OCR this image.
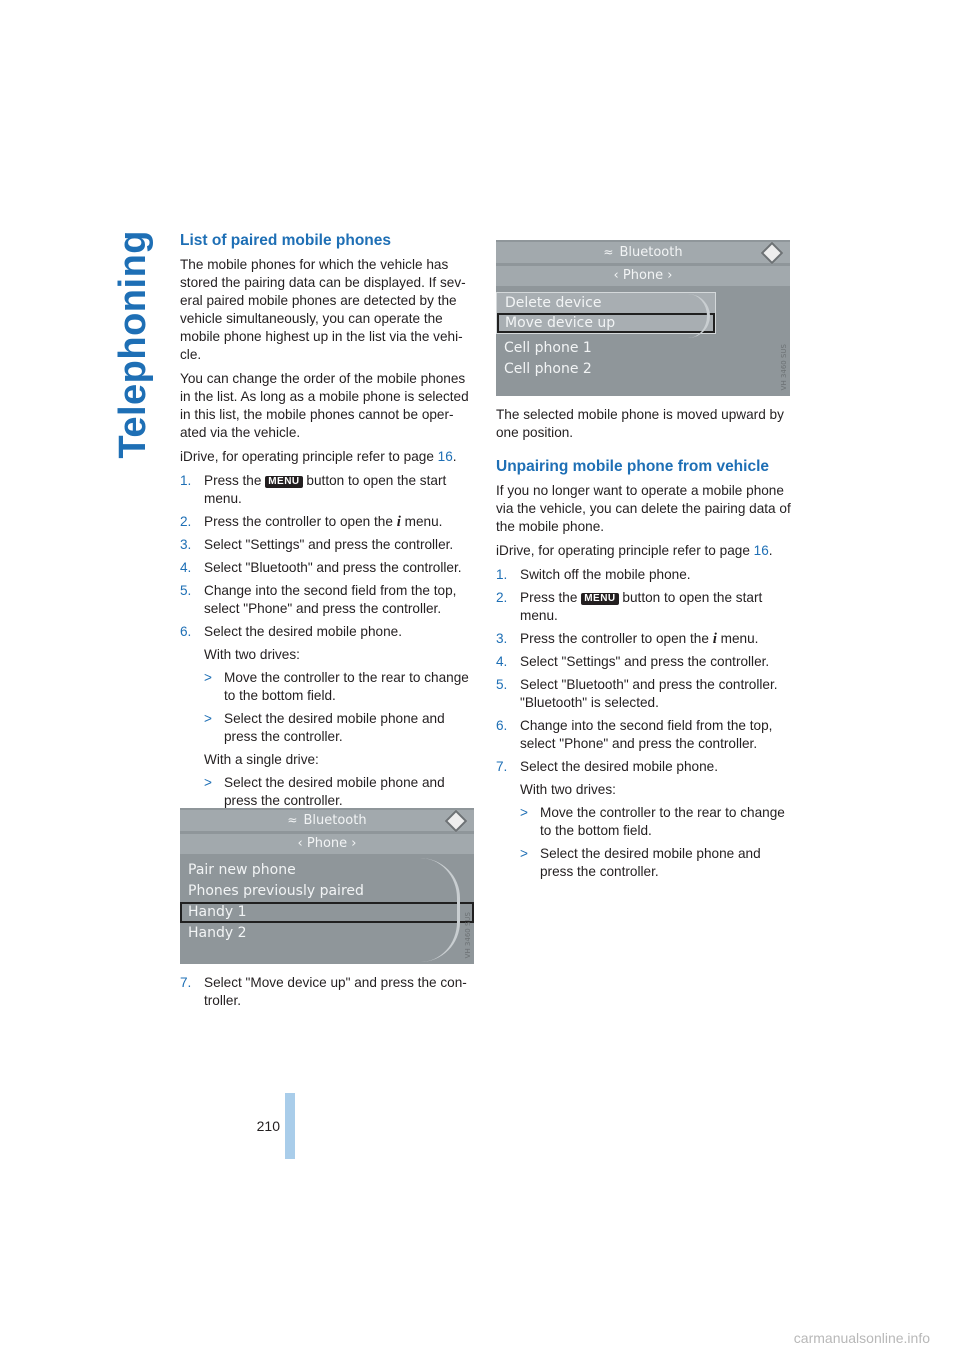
Telephoning List of paired mobile phones

The mobile phones for which the vehicle has stored the pairing data can be displayed. If sev-eral paired mobile phones are detected by the vehicle simultaneously, you can operate the mobile phone highest up in the list via the vehi-cle.

You can change the order of the mobile phones in the list. As long as a mobile phone is selected in this list, the mobile phones cannot be oper-ated via the vehicle.

iDrive, for operating principle refer to page 16.

1. Press the MENU button to open the start menu.
2. Press the controller to open the i menu.
3. Select "Settings" and press the controller.
4. Select "Bluetooth" and press the controller.
5. Change into the second field from the top, select "Phone" and press the controller.
6. Select the desired mobile phone.
With two drives:
> Move the controller to the rear to change to the bottom field.
> Select the desired mobile phone and press the controller.
With a single drive:
> Select the desired mobile phone and press the controller.
≈ Bluetooth
‹ Phone ›
Pair new phone
Phones previously paired
Handy 1
Handy 2	VH 3460 SUS
7. Select "Move device up" and press the con-troller.
≈ Bluetooth
‹ Phone ›
Delete device
Move device up
Cell phone 1
Cell phone 2	VH 3460 SUS

The selected mobile phone is moved upward by one position.

Unpairing mobile phone from vehicle

If you no longer want to operate a mobile phone via the vehicle, you can delete the pairing data of the mobile phone.

iDrive, for operating principle refer to page 16.

1. Switch off the mobile phone.
2. Press the MENU button to open the start menu.
3. Press the controller to open the i menu.
4. Select "Settings" and press the controller.
5. Select "Bluetooth" and press the controller. "Bluetooth" is selected.
6. Change into the second field from the top, select "Phone" and press the controller.
7. Select the desired mobile phone.
With two drives:
> Move the controller to the rear to change to the bottom field.
> Select the desired mobile phone and press the controller.
210
carmanualsonline.info
